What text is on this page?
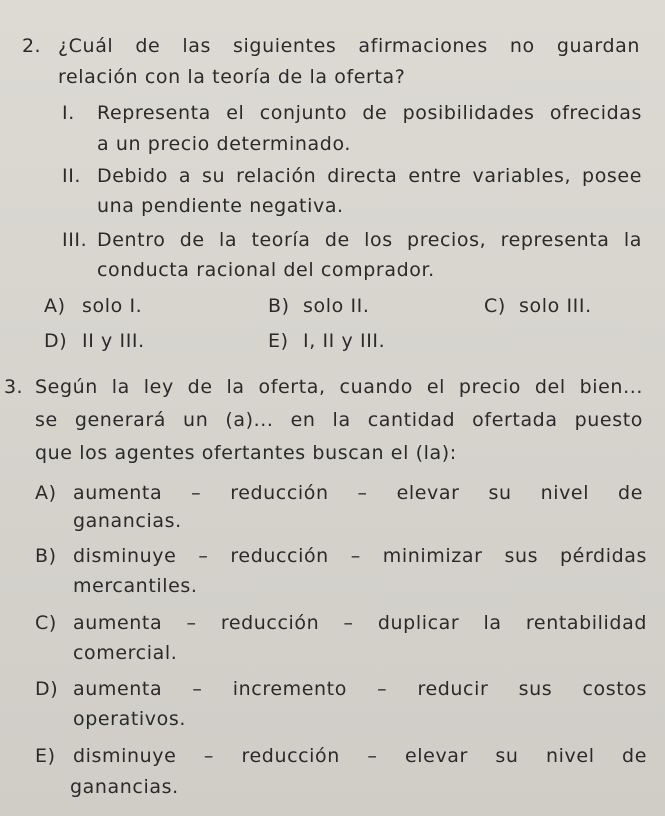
2. ¿Cuál de las siguientes afirmaciones no guardan
relación con la teoría de la oferta?
I. Representa el conjunto de posibilidades ofrecidas
a un precio determinado.
II. Debido a su relación directa entre variables, posee
una pendiente negativa.
III. Dentro de la teoría de los precios, representa la
conducta racional del comprador.
A) solo I.	B) solo II.	C) solo III.
D) II y III.	E) I, II y III.
3. Según la ley de la oferta, cuando el precio del bien...
se generará un (a)... en la cantidad ofertada puesto
que los agentes ofertantes buscan el (la):
A) aumenta – reducción – elevar su nivel de
ganancias.
B) disminuye – reducción – minimizar sus pérdidas
mercantiles.
C) aumenta – reducción – duplicar la rentabilidad
comercial.
D) aumenta – incremento – reducir sus costos
operativos.
E) disminuye – reducción – elevar su nivel de
ganancias.
